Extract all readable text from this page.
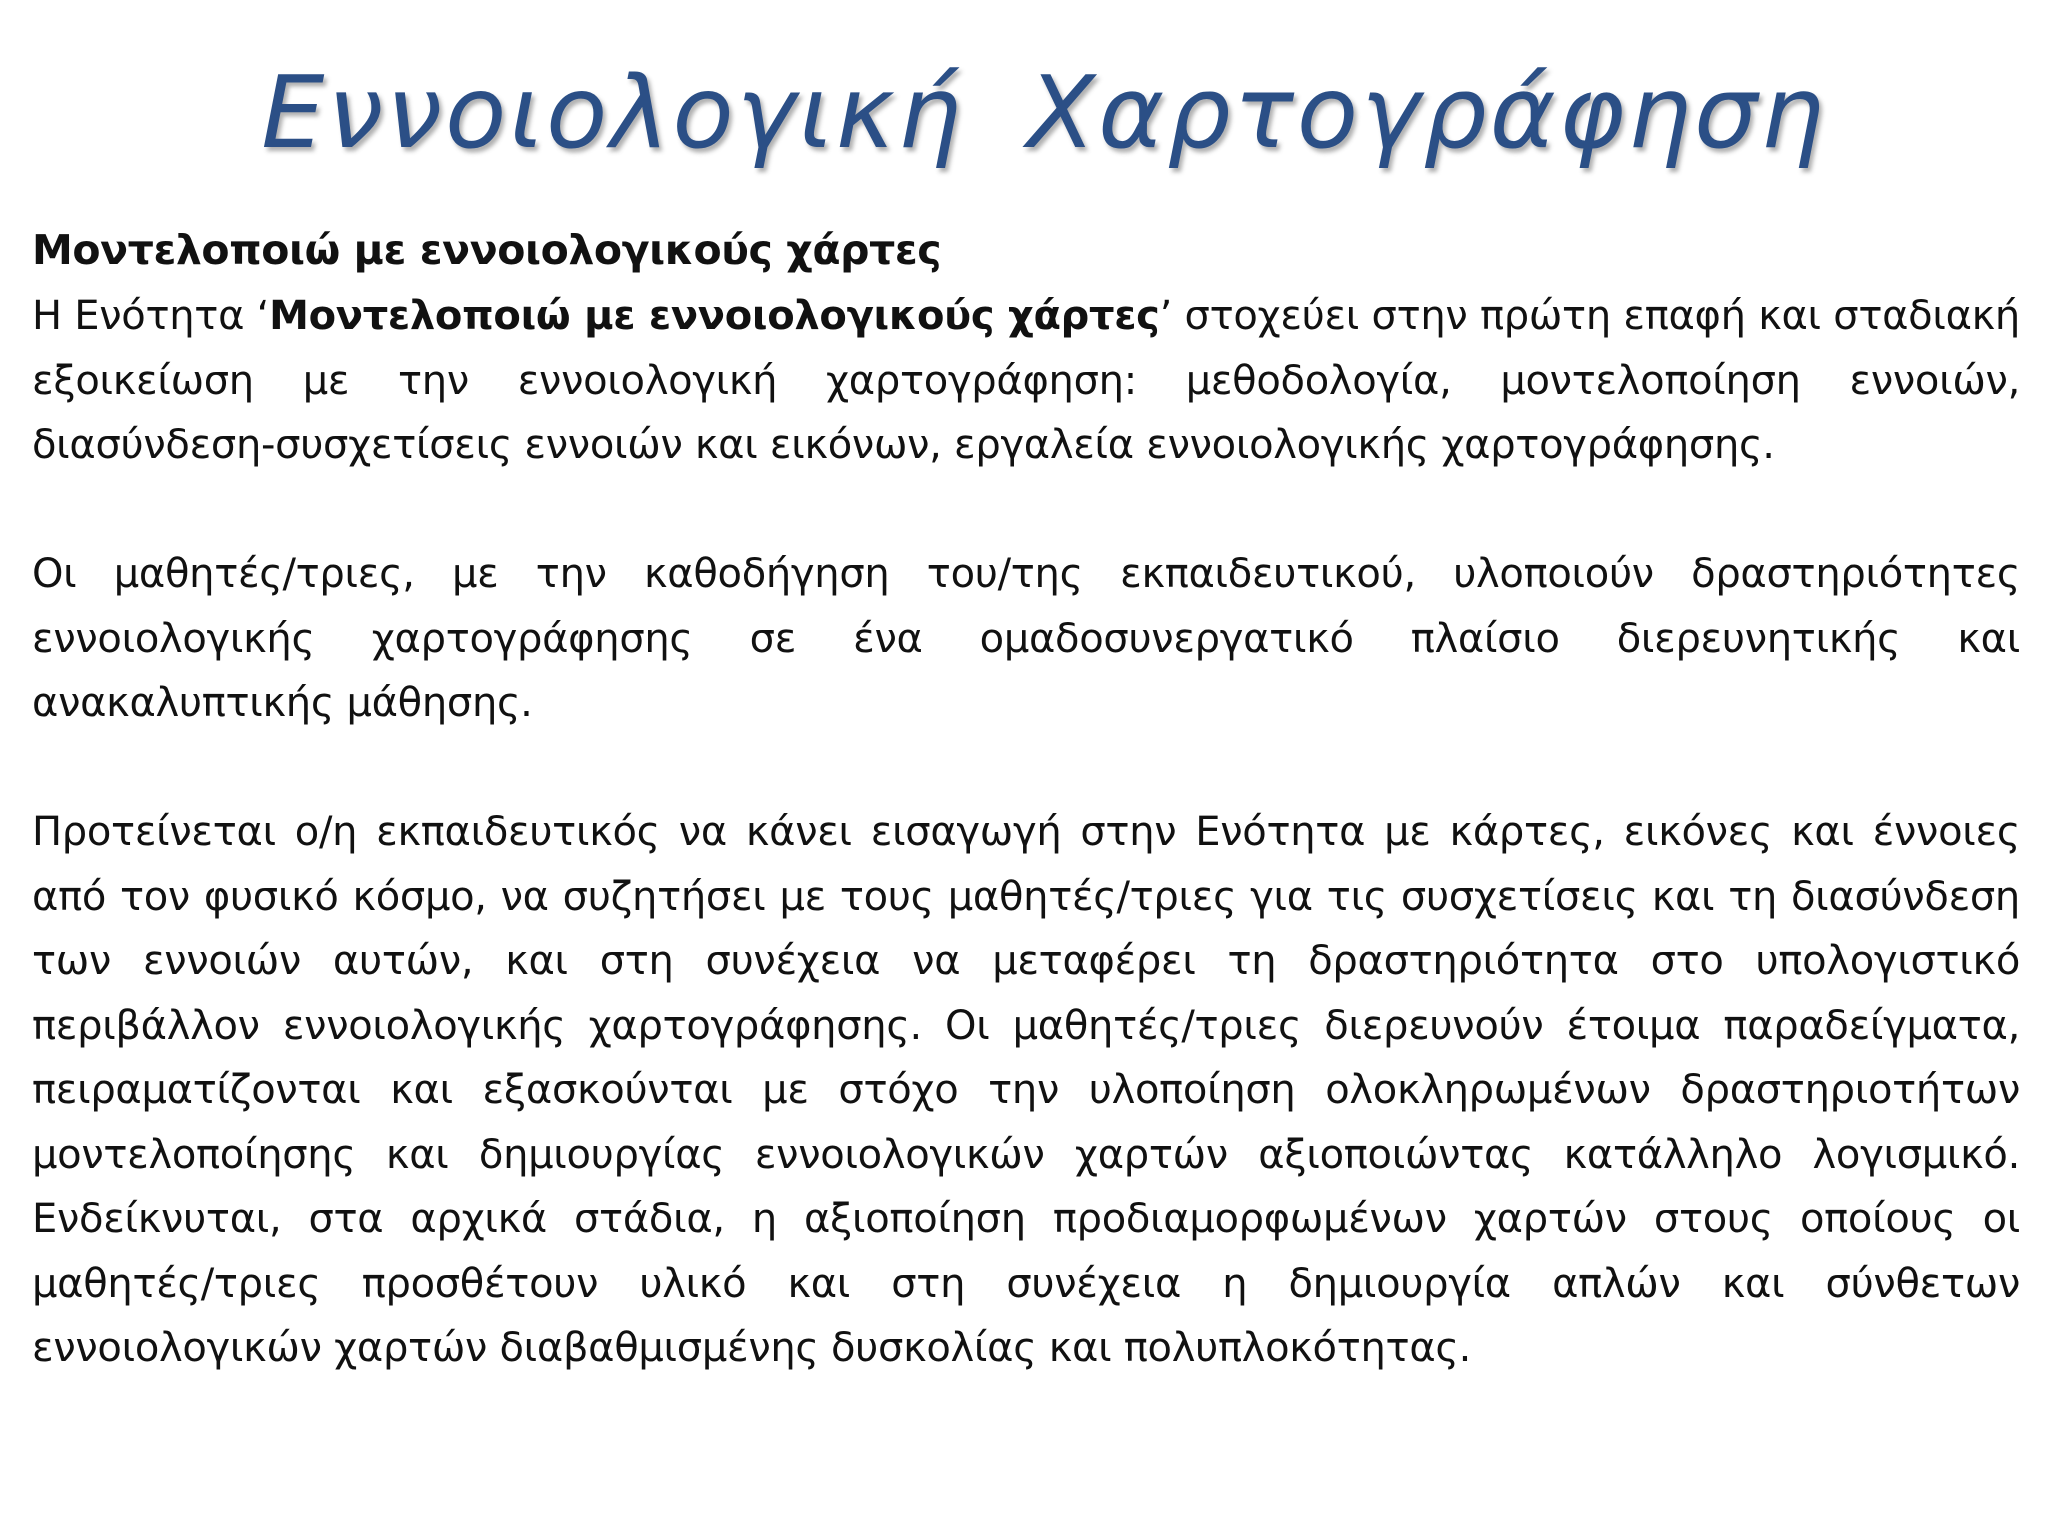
Εννοιολογική Χαρτογράφηση
Μοντελοποιώ με εννοιολογικούς χάρτες

Η Ενότητα ‘Μοντελοποιώ με εννοιολογικούς χάρτες’ στοχεύει στην πρώτη επαφή και σταδιακή εξοικείωση με την εννοιολογική χαρτογράφηση: μεθοδολογία, μοντελοποίηση εννοιών, διασύνδεση-συσχετίσεις εννοιών και εικόνων, εργαλεία εννοιολογικής χαρτογράφησης.

Οι μαθητές/τριες, με την καθοδήγηση του/της εκπαιδευτικού, υλοποιούν δραστηριότητες εννοιολογικής χαρτογράφησης σε ένα ομαδοσυνεργατικό πλαίσιο διερευνητικής και ανακαλυπτικής μάθησης.

Προτείνεται ο/η εκπαιδευτικός να κάνει εισαγωγή στην Ενότητα με κάρτες, εικόνες και έννοιες από τον φυσικό κόσμο, να συζητήσει με τους μαθητές/τριες για τις συσχετίσεις και τη διασύνδεση των εννοιών αυτών, και στη συνέχεια να μεταφέρει τη δραστηριότητα στο υπολογιστικό περιβάλλον εννοιολογικής χαρτογράφησης. Οι μαθητές/τριες διερευνούν έτοιμα παραδείγματα, πειραματίζονται και εξασκούνται με στόχο την υλοποίηση ολοκληρωμένων δραστηριοτήτων μοντελοποίησης και δημιουργίας εννοιολογικών χαρτών αξιοποιώντας κατάλληλο λογισμικό. Ενδείκνυται, στα αρχικά στάδια, η αξιοποίηση προδιαμορφωμένων χαρτών στους οποίους οι μαθητές/τριες προσθέτουν υλικό και στη συνέχεια η δημιουργία απλών και σύνθετων εννοιολογικών χαρτών διαβαθμισμένης δυσκολίας και πολυπλοκότητας.
